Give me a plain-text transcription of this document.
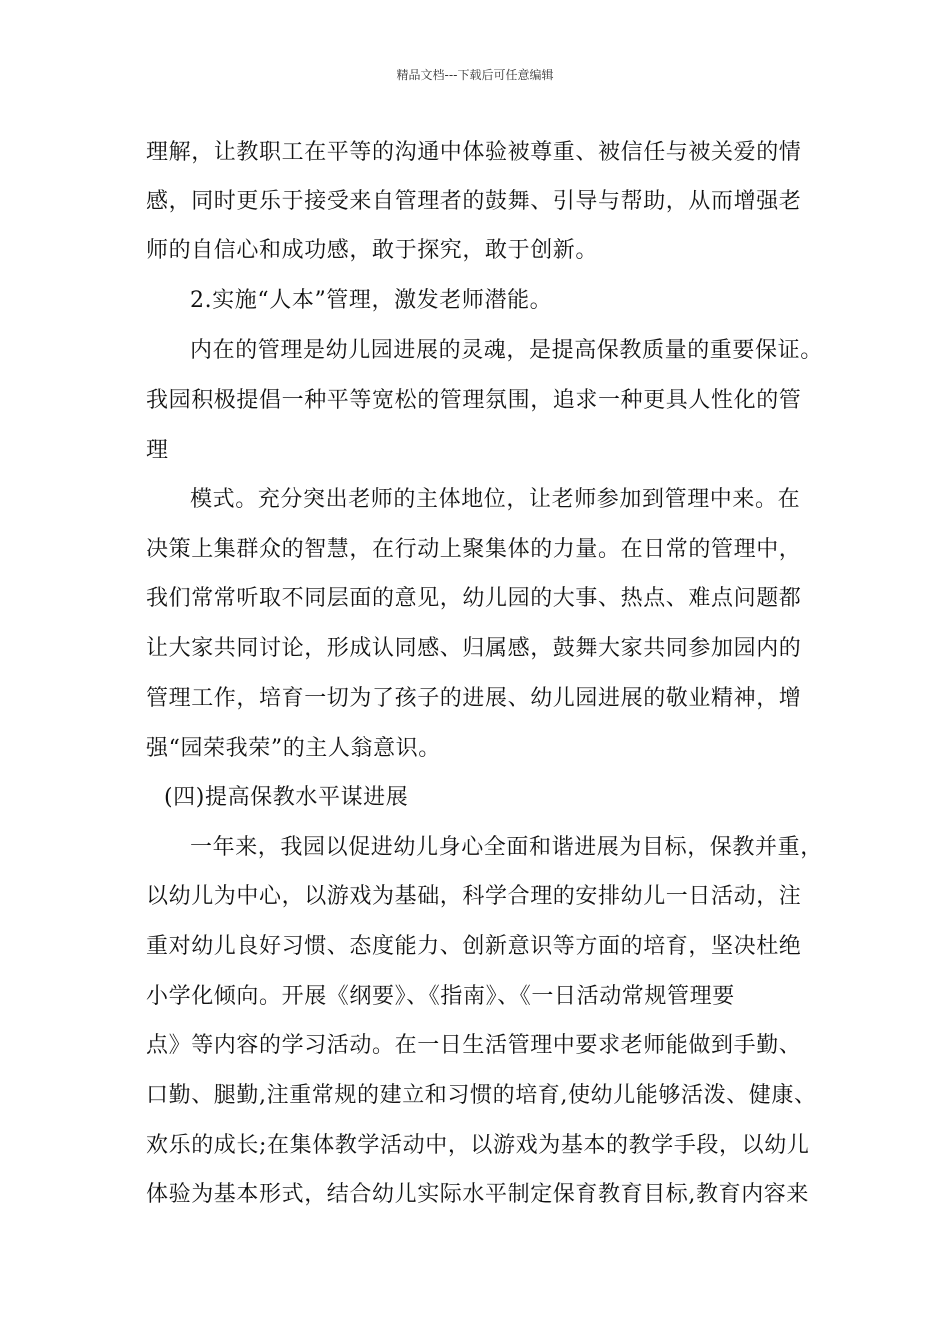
精品文档---下载后可任意编辑
理解，让教职工在平等的沟通中体验被尊重、被信任与被关爱的情
感，同时更乐于接受来自管理者的鼓舞、引导与帮助，从而增强老
师的自信心和成功感，敢于探究，敢于创新。
2.实施“人本”管理，激发老师潜能。
内在的管理是幼儿园进展的灵魂，是提高保教质量的重要保证。
我园积极提倡一种平等宽松的管理氛围，追求一种更具人性化的管
理
模式。充分突出老师的主体地位，让老师参加到管理中来。在
决策上集群众的智慧，在行动上聚集体的力量。在日常的管理中，
我们常常听取不同层面的意见，幼儿园的大事、热点、难点问题都
让大家共同讨论，形成认同感、归属感，鼓舞大家共同参加园内的
管理工作，培育一切为了孩子的进展、幼儿园进展的敬业精神，增
强“园荣我荣”的主人翁意识。
(四)提高保教水平谋进展
一年来，我园以促进幼儿身心全面和谐进展为目标，保教并重，
以幼儿为中心，以游戏为基础，科学合理的安排幼儿一日活动，注
重对幼儿良好习惯、态度能力、创新意识等方面的培育，坚决杜绝
小学化倾向。开展《纲要》、《指南》、《一日活动常规管理要
点》等内容的学习活动。在一日生活管理中要求老师能做到手勤、
口勤、腿勤,注重常规的建立和习惯的培育,使幼儿能够活泼、健康、
欢乐的成长;在集体教学活动中，以游戏为基本的教学手段，以幼儿
体验为基本形式，结合幼儿实际水平制定保育教育目标,教育内容来
